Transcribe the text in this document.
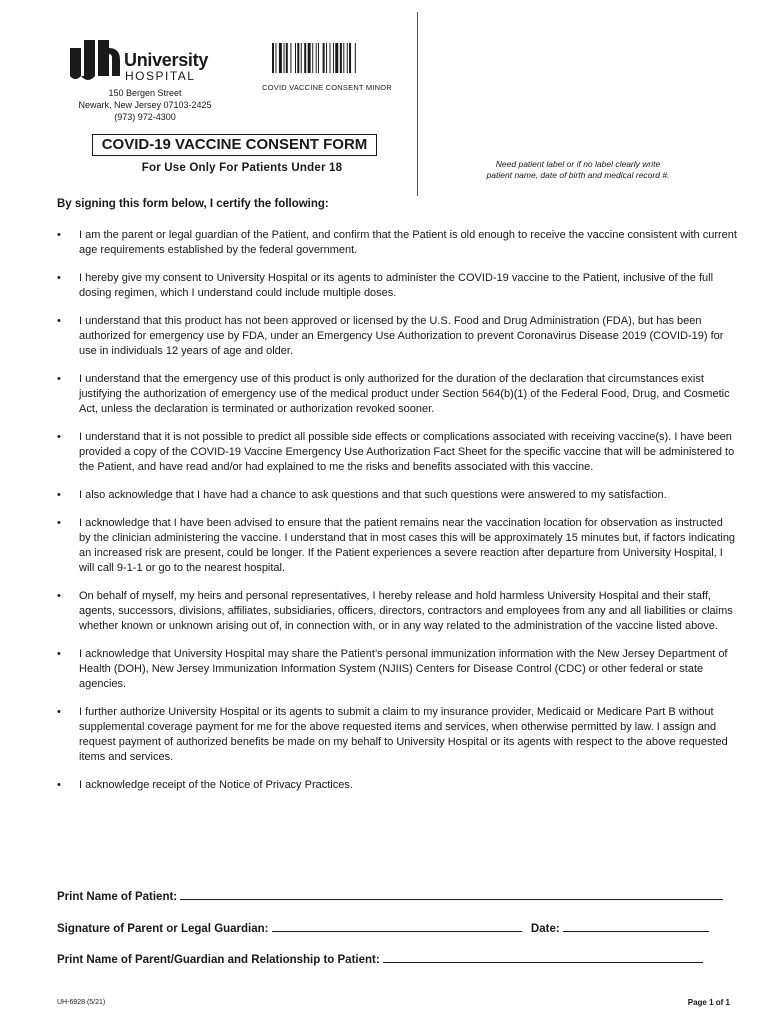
University
HOSPITAL
150 Bergen Street
Newark, New Jersey 07103-2425
(973) 972-4300
COVID VACCINE CONSENT MINOR
COVID-19 VACCINE CONSENT FORM
For Use Only For Patients Under 18	Need patient label or if no label clearly write
patient name, date of birth and medical record #.
By signing this form below, I certify the following:
• I am the parent or legal guardian of the Patient, and confirm that the Patient is old enough to receive the vaccine consistent with current age requirements established by the federal government.
• I hereby give my consent to University Hospital or its agents to administer the COVID-19 vaccine to the Patient, inclusive of the full dosing regimen, which I understand could include multiple doses.
• I understand that this product has not been approved or licensed by the U.S. Food and Drug Administration (FDA), but has been authorized for emergency use by FDA, under an Emergency Use Authorization to prevent Coronavirus Disease 2019 (COVID-19) for use in individuals 12 years of age and older.
• I understand that the emergency use of this product is only authorized for the duration of the declaration that circumstances exist justifying the authorization of emergency use of the medical product under Section 564(b)(1) of the Federal Food, Drug, and Cosmetic Act, unless the declaration is terminated or authorization revoked sooner.
• I understand that it is not possible to predict all possible side effects or complications associated with receiving vaccine(s). I have been provided a copy of the COVID-19 Vaccine Emergency Use Authorization Fact Sheet for the specific vaccine that will be administered to the Patient, and have read and/or had explained to me the risks and benefits associated with this vaccine.
• I also acknowledge that I have had a chance to ask questions and that such questions were answered to my satisfaction.
• I acknowledge that I have been advised to ensure that the patient remains near the vaccination location for observation as instructed by the clinician administering the vaccine. I understand that in most cases this will be approximately 15 minutes but, if factors indicating an increased risk are present, could be longer. If the Patient experiences a severe reaction after departure from University Hospital, I will call 9-1-1 or go to the nearest hospital.
• On behalf of myself, my heirs and personal representatives, I hereby release and hold harmless University Hospital and their staff, agents, successors, divisions, affiliates, subsidiaries, officers, directors, contractors and employees from any and all liabilities or claims whether known or unknown arising out of, in connection with, or in any way related to the administration of the vaccine listed above.
• I acknowledge that University Hospital may share the Patient’s personal immunization information with the New Jersey Department of Health (DOH), New Jersey Immunization Information System (NJIIS) Centers for Disease Control (CDC) or other federal or state agencies.
• I further authorize University Hospital or its agents to submit a claim to my insurance provider, Medicaid or Medicare Part B without supplemental coverage payment for me for the above requested items and services, when otherwise permitted by law. I assign and request payment of authorized benefits be made on my behalf to University Hospital or its agents with respect to the above requested items and services.
• I acknowledge receipt of the Notice of Privacy Practices.
Print Name of Patient:
Signature of Parent or Legal Guardian:	Date:
Print Name of Parent/Guardian and Relationship to Patient:
UH-6928 (5/21)	Page 1 of 1
